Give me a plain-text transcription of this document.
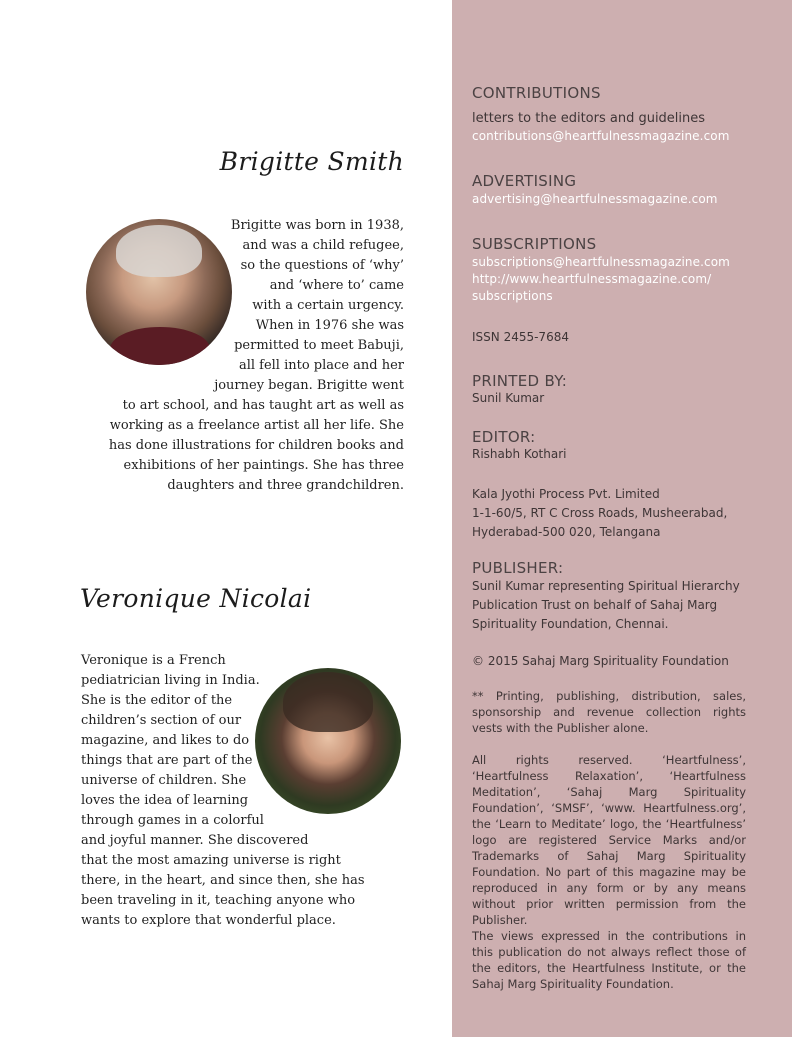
Brigitte Smith
Brigitte was born in 1938,
and was a child refugee,
so the questions of ‘why’
and ‘where to’ came
with a certain urgency.
When in 1976 she was
permitted to meet Babuji,
all fell into place and her
journey began. Brigitte went
to art school, and has taught art as well as
working as a freelance artist all her life. She
has done illustrations for children books and
exhibitions of her paintings. She has three
daughters and three grandchildren.
Veronique Nicolai
Veronique is a French
pediatrician living in India.
She is the editor of the
children’s section of our
magazine, and likes to do
things that are part of the
universe of children. She
loves the idea of learning
through games in a colorful
and joyful manner. She discovered
that the most amazing universe is right
there, in the heart, and since then, she has
been traveling in it, teaching anyone who
wants to explore that wonderful place.
CONTRIBUTIONS
letters to the editors and guidelines
contributions@heartfulnessmagazine.com
ADVERTISING
advertising@heartfulnessmagazine.com
SUBSCRIPTIONS
subscriptions@heartfulnessmagazine.com
http://www.heartfulnessmagazine.com/
subscriptions
ISSN 2455-7684
PRINTED BY:
Sunil Kumar
EDITOR:
Rishabh Kothari
Kala Jyothi Process Pvt. Limited
1-1-60/5, RT C Cross Roads, Musheerabad,
Hyderabad-500 020, Telangana
PUBLISHER:
Sunil Kumar representing Spiritual Hierarchy
Publication Trust on behalf of Sahaj Marg
Spirituality Foundation, Chennai.
© 2015 Sahaj Marg Spirituality Foundation
** Printing, publishing, distribution, sales, sponsorship and revenue collection rights vests with the Publisher alone.
All rights reserved. ‘Heartfulness’, ‘Heartfulness Relaxation’, ‘Heartfulness Meditation’, ‘Sahaj Marg Spirituality Foundation’, ‘SMSF’, ‘www. Heartfulness.org’, the ‘Learn to Meditate’ logo, the ‘Heartfulness’ logo are registered Service Marks and/or Trademarks of Sahaj Marg Spirituality Foundation. No part of this magazine may be reproduced in any form or by any means without prior written permission from the Publisher.
The views expressed in the contributions in this publication do not always reflect those of the editors, the Heartfulness Institute, or the Sahaj Marg Spirituality Foundation.
